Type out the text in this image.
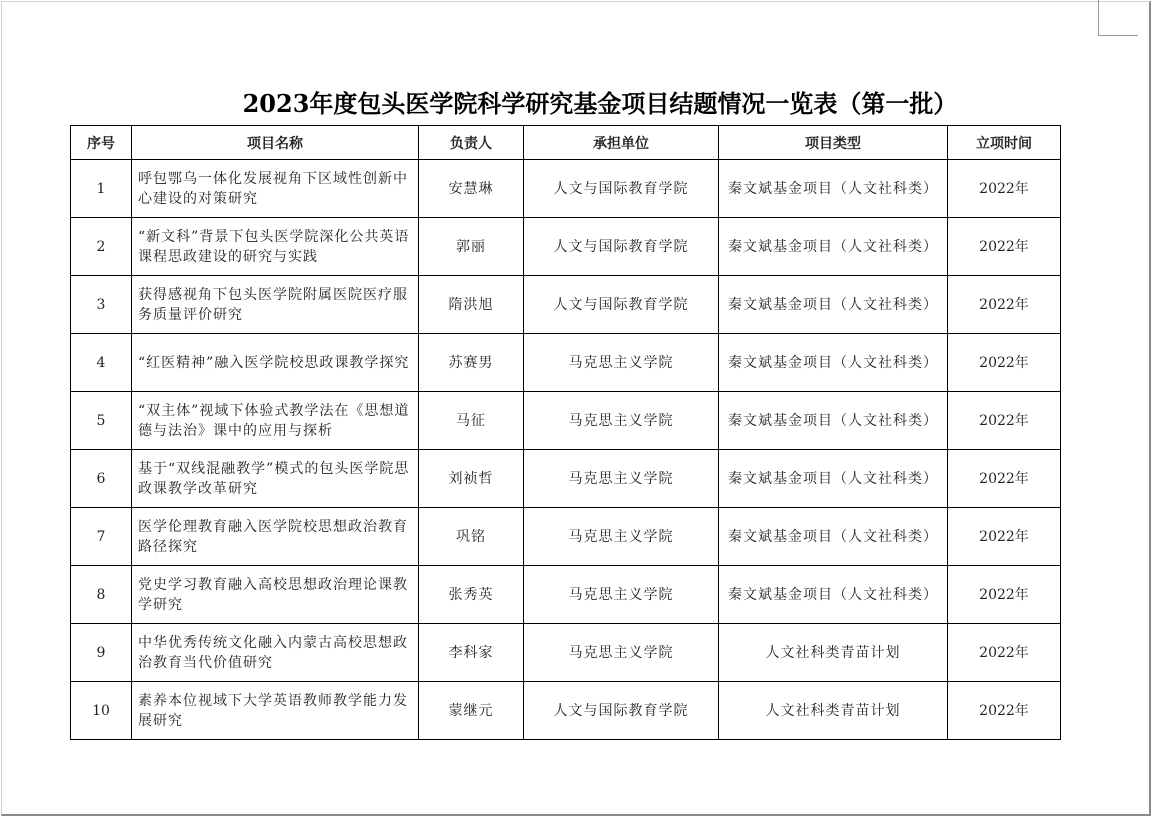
2023年度包头医学院科学研究基金项目结题情况一览表（第一批）
序号	项目名称	负责人	承担单位	项目类型	立项时间
1	呼包鄂乌一体化发展视角下区域性创新中心建设的对策研究	安慧琳	人文与国际教育学院	秦文斌基金项目（人文社科类）	2022年
2	“新文科”背景下包头医学院深化公共英语课程思政建设的研究与实践	郭丽	人文与国际教育学院	秦文斌基金项目（人文社科类）	2022年
3	获得感视角下包头医学院附属医院医疗服务质量评价研究	隋洪旭	人文与国际教育学院	秦文斌基金项目（人文社科类）	2022年
4	“红医精神”融入医学院校思政课教学探究	苏赛男	马克思主义学院	秦文斌基金项目（人文社科类）	2022年
5	“双主体”视域下体验式教学法在《思想道德与法治》课中的应用与探析	马征	马克思主义学院	秦文斌基金项目（人文社科类）	2022年
6	基于“双线混融教学”模式的包头医学院思政课教学改革研究	刘祯哲	马克思主义学院	秦文斌基金项目（人文社科类）	2022年
7	医学伦理教育融入医学院校思想政治教育路径探究	巩铭	马克思主义学院	秦文斌基金项目（人文社科类）	2022年
8	党史学习教育融入高校思想政治理论课教学研究	张秀英	马克思主义学院	秦文斌基金项目（人文社科类）	2022年
9	中华优秀传统文化融入内蒙古高校思想政治教育当代价值研究	李科家	马克思主义学院	人文社科类青苗计划	2022年
10	素养本位视域下大学英语教师教学能力发展研究	蒙继元	人文与国际教育学院	人文社科类青苗计划	2022年
